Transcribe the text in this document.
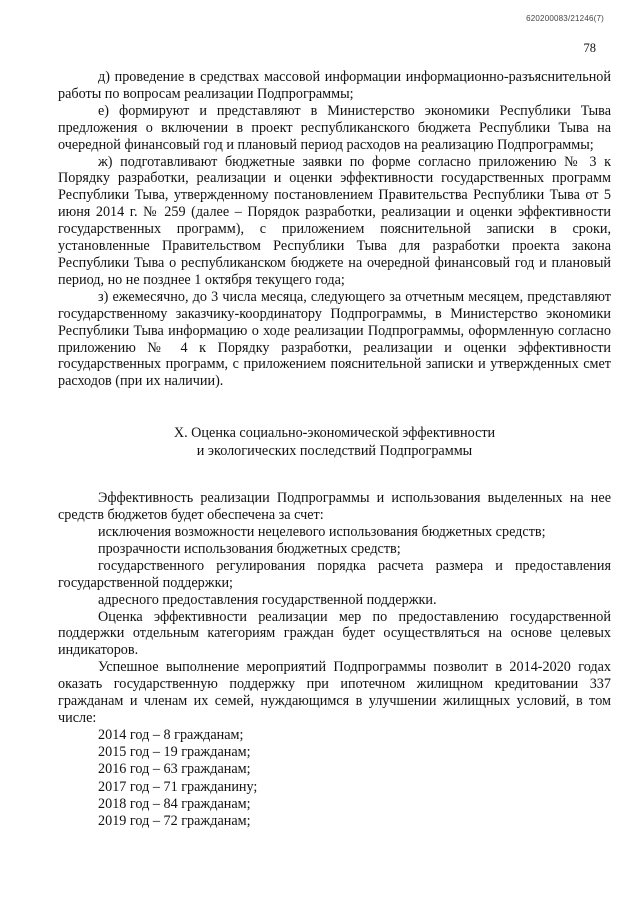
620200083/21246(7)
78

д) проведение в средствах массовой информации информационно-разъяснительной работы по вопросам реализации Подпрограммы;

е) формируют и представляют в Министерство экономики Республики Тыва предложения о включении в проект республиканского бюджета Республики Тыва на очередной финансовый год и плановый период расходов на реализацию Подпрограммы;

ж) подготавливают бюджетные заявки по форме согласно приложению № 3 к Порядку разработки, реализации и оценки эффективности государственных программ Республики Тыва, утвержденному постановлением Правительства Республики Тыва от 5 июня 2014 г. № 259 (далее – Порядок разработки, реализации и оценки эффективности государственных программ), с приложением пояснительной записки в сроки, установленные Правительством Республики Тыва для разработки проекта закона Республики Тыва о республиканском бюджете на очередной финансовый год и плановый период, но не позднее 1 октября текущего года;

з) ежемесячно, до 3 числа месяца, следующего за отчетным месяцем, представляют государственному заказчику-координатору Подпрограммы, в Министерство экономики Республики Тыва информацию о ходе реализации Подпрограммы, оформленную согласно приложению № 4 к Порядку разработки, реализации и оценки эффективности государственных программ, с приложением пояснительной записки и утвержденных смет расходов (при их наличии).

X. Оценка социально-экономической эффективности
и экологических последствий Подпрограммы

Эффективность реализации Подпрограммы и использования выделенных на нее средств бюджетов будет обеспечена за счет:

исключения возможности нецелевого использования бюджетных средств;

прозрачности использования бюджетных средств;

государственного регулирования порядка расчета размера и предоставления государственной поддержки;

адресного предоставления государственной поддержки.

Оценка эффективности реализации мер по предоставлению государственной поддержки отдельным категориям граждан будет осуществляться на основе целевых индикаторов.

Успешное выполнение мероприятий Подпрограммы позволит в 2014-2020 годах оказать государственную поддержку при ипотечном жилищном кредитовании 337 гражданам и членам их семей, нуждающимся в улучшении жилищных условий, в том числе:

2014 год – 8 гражданам;
2015 год – 19 гражданам;
2016 год – 63 гражданам;
2017 год – 71 гражданину;
2018 год – 84 гражданам;
2019 год – 72 гражданам;
